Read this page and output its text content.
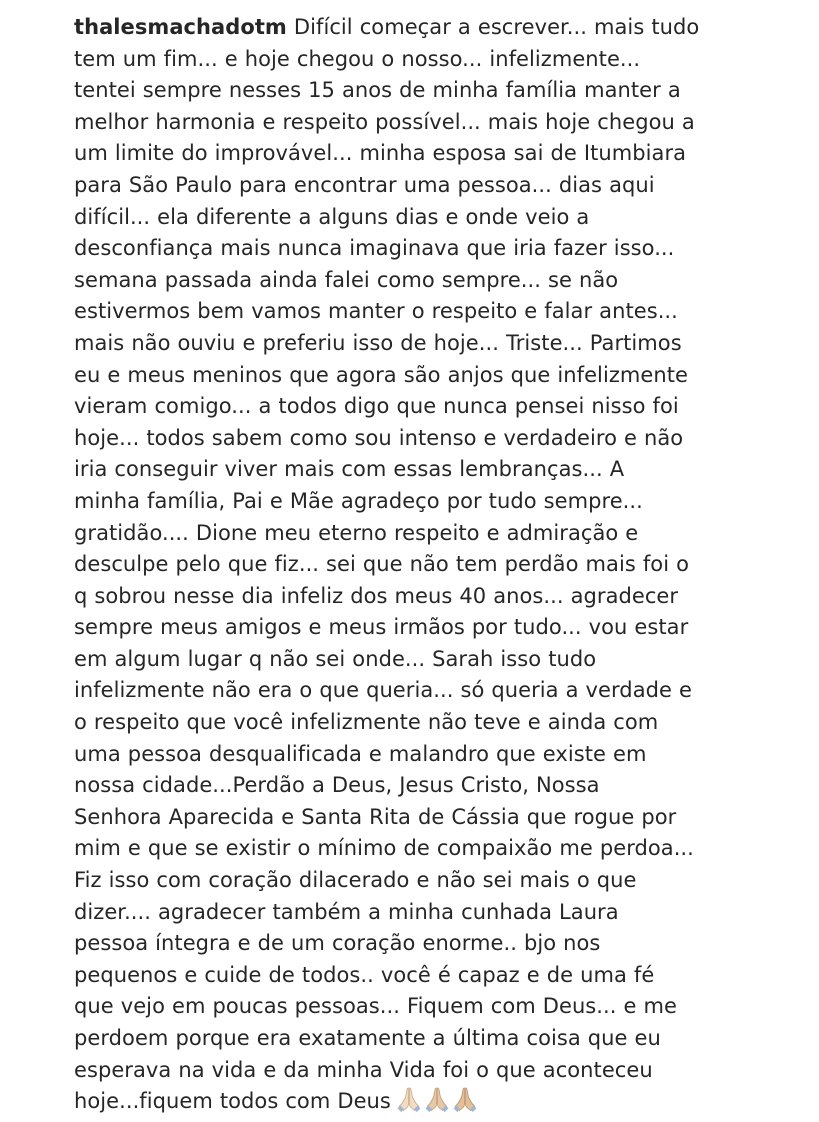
thalesmachadotm Difícil começar a escrever... mais tudo
tem um fim... e hoje chegou o nosso... infelizmente...
tentei sempre nesses 15 anos de minha família manter a
melhor harmonia e respeito possível... mais hoje chegou a
um limite do improvável... minha esposa sai de Itumbiara
para São Paulo para encontrar uma pessoa... dias aqui
difícil... ela diferente a alguns dias e onde veio a
desconfiança mais nunca imaginava que iria fazer isso...
semana passada ainda falei como sempre... se não
estivermos bem vamos manter o respeito e falar antes...
mais não ouviu e preferiu isso de hoje... Triste... Partimos
eu e meus meninos que agora são anjos que infelizmente
vieram comigo... a todos digo que nunca pensei nisso foi
hoje... todos sabem como sou intenso e verdadeiro e não
iria conseguir viver mais com essas lembranças... A
minha família, Pai e Mãe agradeço por tudo sempre...
gratidão.... Dione meu eterno respeito e admiração e
desculpe pelo que fiz... sei que não tem perdão mais foi o
q sobrou nesse dia infeliz dos meus 40 anos... agradecer
sempre meus amigos e meus irmãos por tudo... vou estar
em algum lugar q não sei onde... Sarah isso tudo
infelizmente não era o que queria... só queria a verdade e
o respeito que você infelizmente não teve e ainda com
uma pessoa desqualificada e malandro que existe em
nossa cidade...Perdão a Deus, Jesus Cristo, Nossa
Senhora Aparecida e Santa Rita de Cássia que rogue por
mim e que se existir o mínimo de compaixão me perdoa...
Fiz isso com coração dilacerado e não sei mais o que
dizer.... agradecer também a minha cunhada Laura
pessoa íntegra e de um coração enorme.. bjo nos
pequenos e cuide de todos.. você é capaz e de uma fé
que vejo em poucas pessoas... Fiquem com Deus... e me
perdoem porque era exatamente a última coisa que eu
esperava na vida e da minha Vida foi o que aconteceu
hoje...fiquem todos com Deus
